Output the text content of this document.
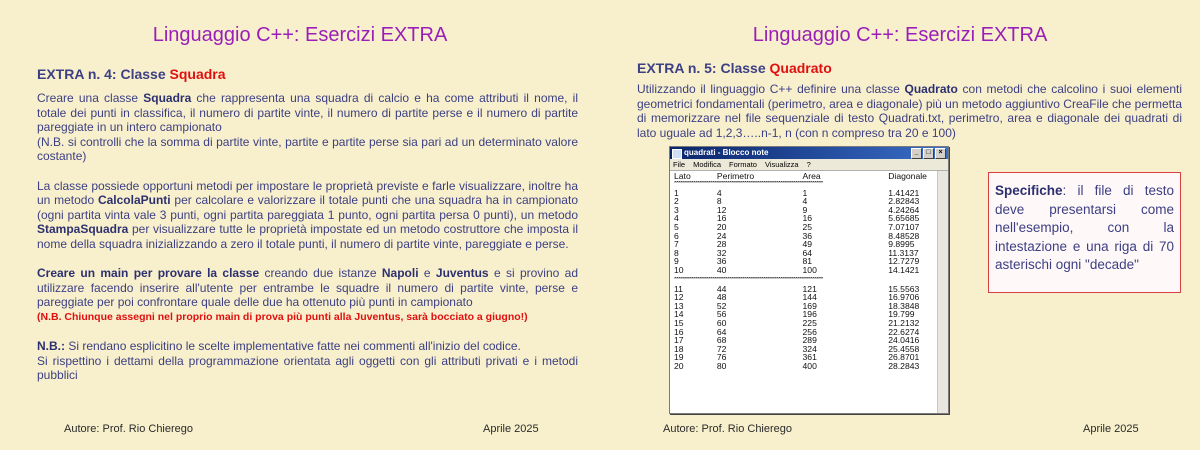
Linguaggio C++: Esercizi EXTRA
EXTRA n. 4: Classe Squadra

Creare una classe Squadra che rappresenta una squadra di calcio e ha come attributi il nome, il totale dei punti in classifica, il numero di partite vinte, il numero di partite perse e il numero di partite pareggiate in un intero campionato

(N.B. si controlli che la somma di partite vinte, partite e partite perse sia pari ad un determinato valore costante)

La classe possiede opportuni metodi per impostare le proprietà previste e farle visualizzare, inoltre ha un metodo CalcolaPunti per calcolare e valorizzare il totale punti che una squadra ha in campionato (ogni partita vinta vale 3 punti, ogni partita pareggiata 1 punto, ogni partita persa 0 punti), un metodo StampaSquadra per visualizzare tutte le proprietà impostate ed un metodo costruttore che imposta il nome della squadra inizializzando a zero il totale punti, il numero di partite vinte, pareggiate e perse.

Creare un main per provare la classe creando due istanze Napoli e Juventus e si provino ad utilizzare facendo inserire all'utente per entrambe le squadre il numero di partite vinte, perse e pareggiate per poi confrontare quale delle due ha ottenuto più punti in campionato

(N.B. Chiunque assegni nel proprio main di prova più punti alla Juventus, sarà bocciato a giugno!)

N.B.: Si rendano esplicitino le scelte implementative fatte nei commenti all'inizio del codice.

Si rispettino i dettami della programmazione orientata agli oggetti con gli attributi privati e i metodi pubblici

Autore: Prof. Rio Chierego	Aprile 2025
Linguaggio C++: Esercizi EXTRA
EXTRA n. 5: Classe Quadrato

Utilizzando il linguaggio C++ definire una classe Quadrato con metodi che calcolino i suoi elementi geometrici fondamentali (perimetro, area e diagonale) più un metodo aggiuntivo CreaFile che permetta di memorizzare nel file sequenziale di testo Quadrati.txt, perimetro, area e diagonale dei quadrati di lato uguale ad 1,2,3…..n-1, n (con n compreso tra 20 e 100)

quadrati - Blocco note	_	□	×
File Modifica Formato Visualizza ?
Lato	Perimetro	Area	Diagonale
**********************************************************************
1	4	1	1.41421
2	8	4	2.82843
3	12	9	4.24264
4	16	16	5.65685
5	20	25	7.07107
6	24	36	8.48528
7	28	49	9.8995
8	32	64	11.3137
9	36	81	12.7279
10	40	100	14.1421
**********************************************************************
11	44	121	15.5563
12	48	144	16.9706
13	52	169	18.3848
14	56	196	19.799
15	60	225	21.2132
16	64	256	22.6274
17	68	289	24.0416
18	72	324	25.4558
19	76	361	26.8701
20	80	400	28.2843
Specifiche: il file di testo deve presentarsi come nell'esempio, con la intestazione e una riga di 70 asterischi ogni "decade"
Autore: Prof. Rio Chierego	Aprile 2025
